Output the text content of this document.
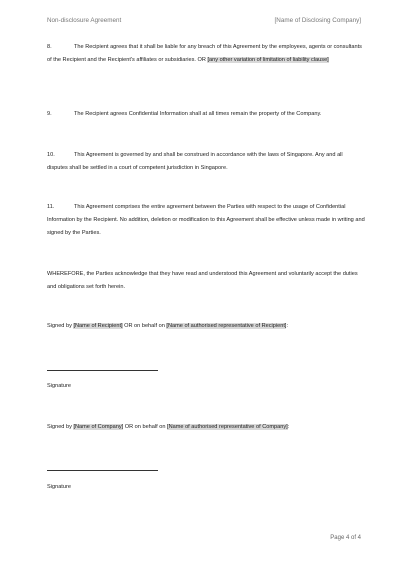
Non-disclosure Agreement	[Name of Disclosing Company]
8.	The Recipient agrees that it shall be liable for any breach of this Agreement by the employees, agents or consultants of the Recipient and the Recipient's affiliates or subsidiaries. OR [any other variation of limitation of liability clause]
9.	The Recipient agrees Confidential Information shall at all times remain the property of the Company.
10.	This Agreement is governed by and shall be construed in accordance with the laws of Singapore. Any and all disputes shall be settled in a court of competent jurisdiction in Singapore.
11.	This Agreement comprises the entire agreement between the Parties with respect to the usage of Confidential Information by the Recipient. No addition, deletion or modification to this Agreement shall be effective unless made in writing and signed by the Parties.
WHEREFORE, the Parties acknowledge that they have read and understood this Agreement and voluntarily accept the duties and obligations set forth herein.
Signed by [Name of Recipient] OR on behalf on [Name of authorised representative of Recipient]:
Signature
Signed by [Name of Company] OR on behalf on [Name of authorised representative of Company]:
Signature
Page 4 of 4
